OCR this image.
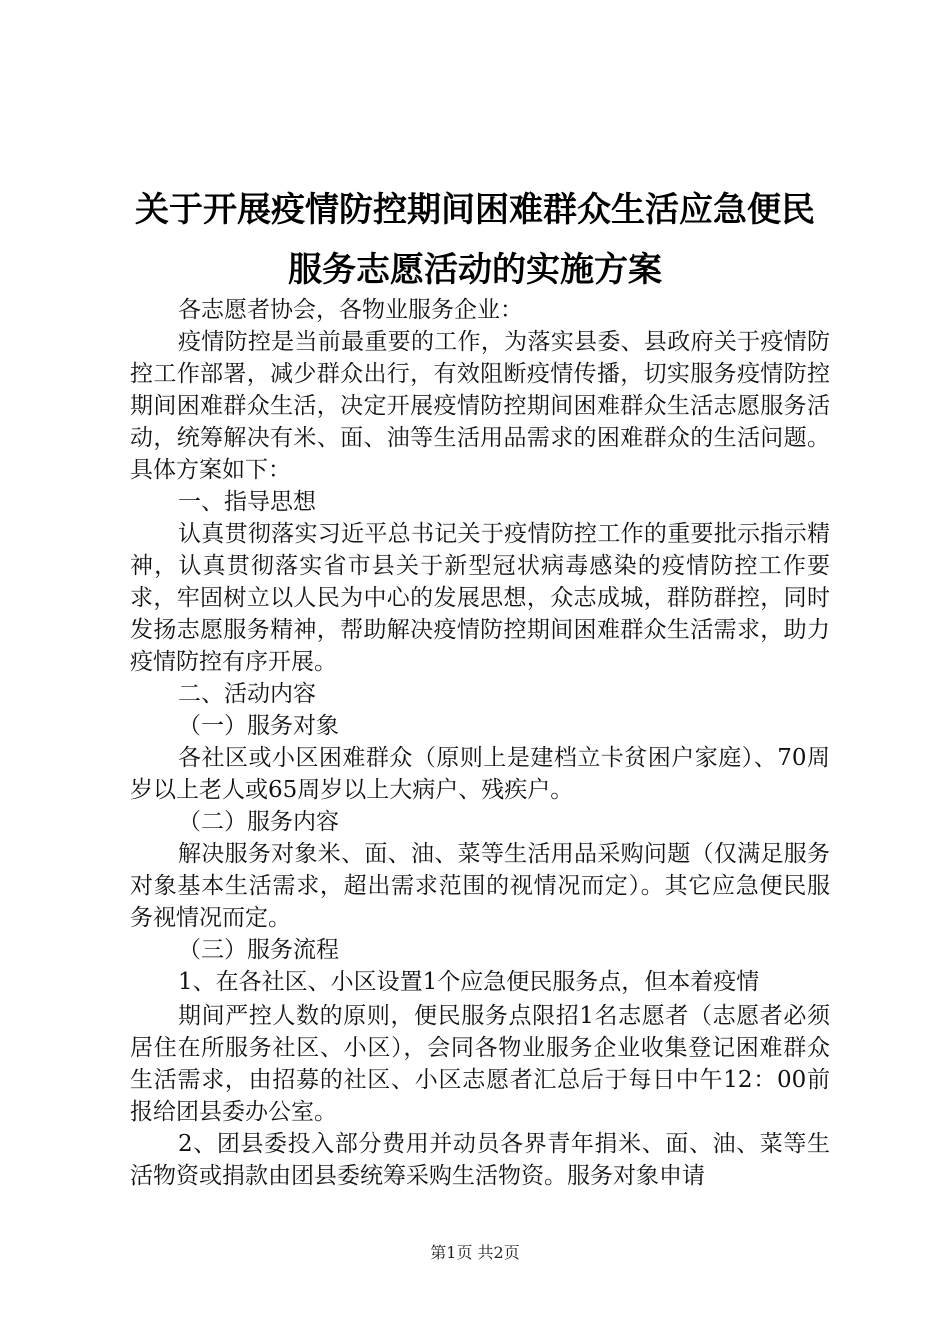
关于开展疫情防控期间困难群众生活应急便民
服务志愿活动的实施方案

各志愿者协会，各物业服务企业：

疫情防控是当前最重要的工作，为落实县委、县政府关于疫情防控工作部署，减少群众出行，有效阻断疫情传播，切实服务疫情防控期间困难群众生活，决定开展疫情防控期间困难群众生活志愿服务活动，统筹解决有米、面、油等生活用品需求的困难群众的生活问题。具体方案如下：

一、指导思想

认真贯彻落实习近平总书记关于疫情防控工作的重要批示指示精神，认真贯彻落实省市县关于新型冠状病毒感染的疫情防控工作要求，牢固树立以人民为中心的发展思想，众志成城，群防群控，同时发扬志愿服务精神，帮助解决疫情防控期间困难群众生活需求，助力疫情防控有序开展。

二、活动内容

（一）服务对象

各社区或小区困难群众（原则上是建档立卡贫困户家庭）、70周岁以上老人或65周岁以上大病户、残疾户。

（二）服务内容

解决服务对象米、面、油、菜等生活用品采购问题（仅满足服务对象基本生活需求，超出需求范围的视情况而定）。其它应急便民服务视情况而定。

（三）服务流程

1、在各社区、小区设置1个应急便民服务点，但本着疫情

期间严控人数的原则，便民服务点限招1名志愿者（志愿者必须居住在所服务社区、小区），会同各物业服务企业收集登记困难群众生活需求，由招募的社区、小区志愿者汇总后于每日中午12：00前报给团县委办公室。

2、团县委投入部分费用并动员各界青年捐米、面、油、菜等生活物资或捐款由团县委统筹采购生活物资。服务对象申请

第1页 共2页
